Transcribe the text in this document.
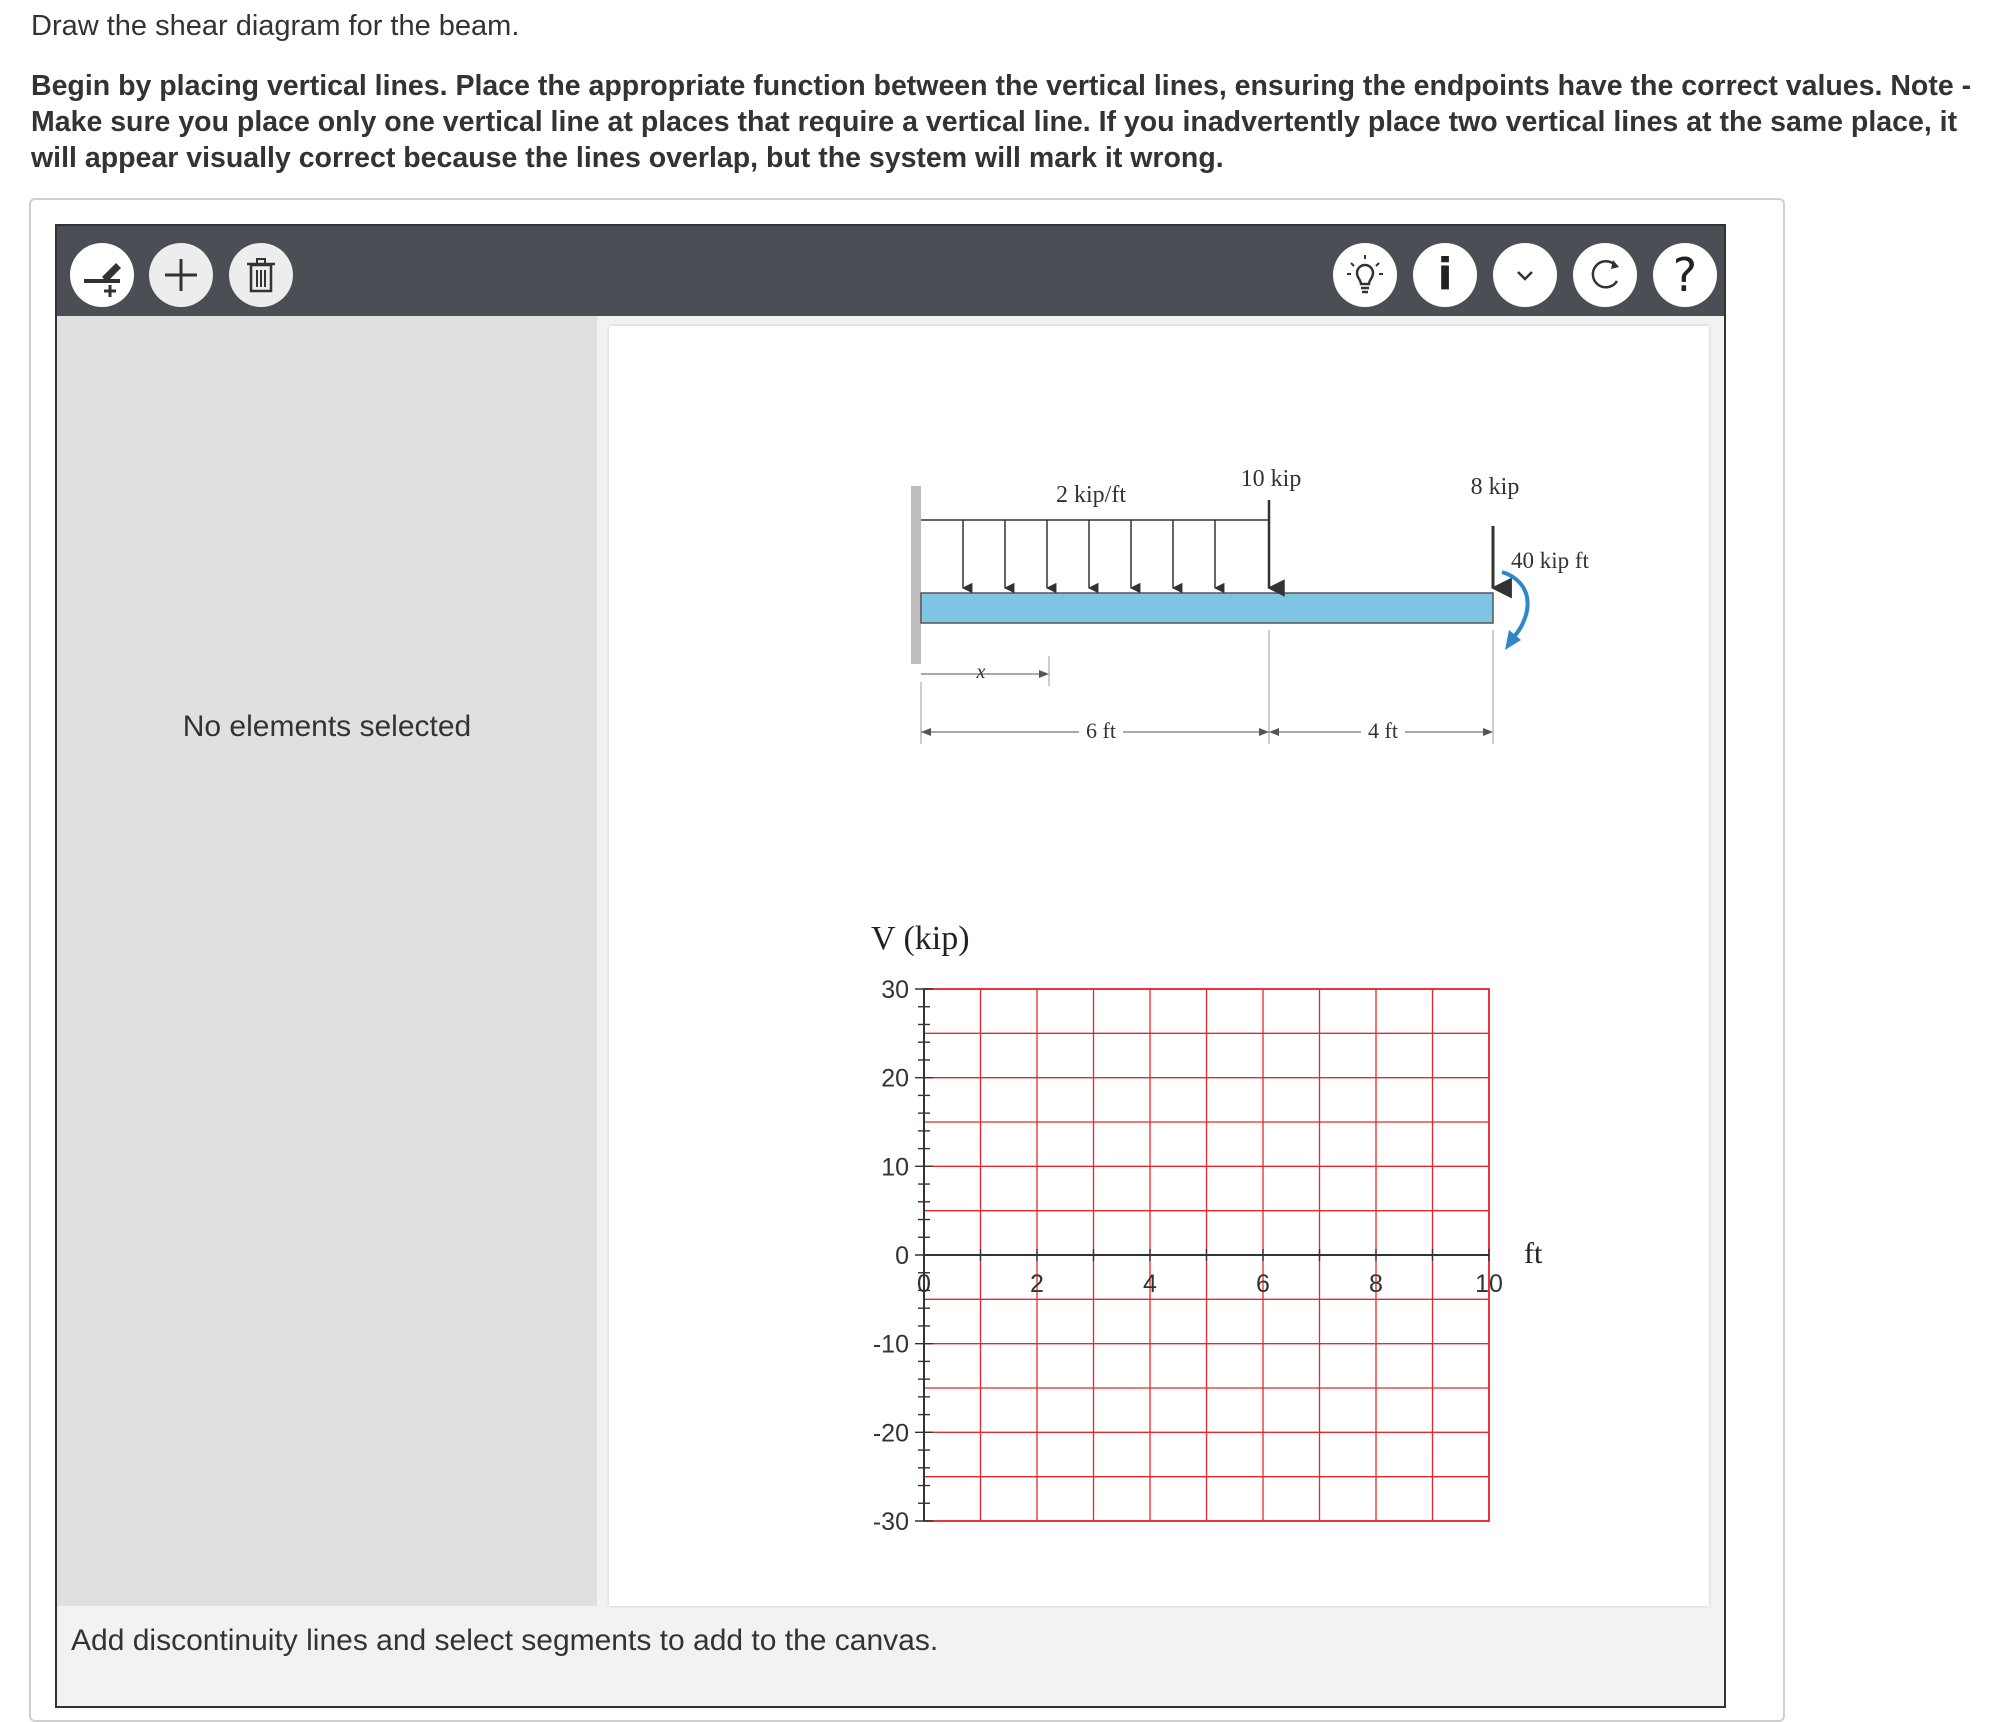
Draw the shear diagram for the beam.

Begin by placing vertical lines. Place the appropriate function between the vertical lines, ensuring the endpoints have the correct values. Note - Make sure you place only one vertical line at places that require a vertical line. If you inadvertently place two vertical lines at the same place, it will appear visually correct because the lines overlap, but the system will mark it wrong.

i	?
No elements selected
2 kip/ft
10 kip	8 kip
40 kip ft
x
6 ft	4 ft
30
20
10
0
-10
-20
-30
0	2	4	6	8	10
V (kip)
ft
Add discontinuity lines and select segments to add to the canvas.
